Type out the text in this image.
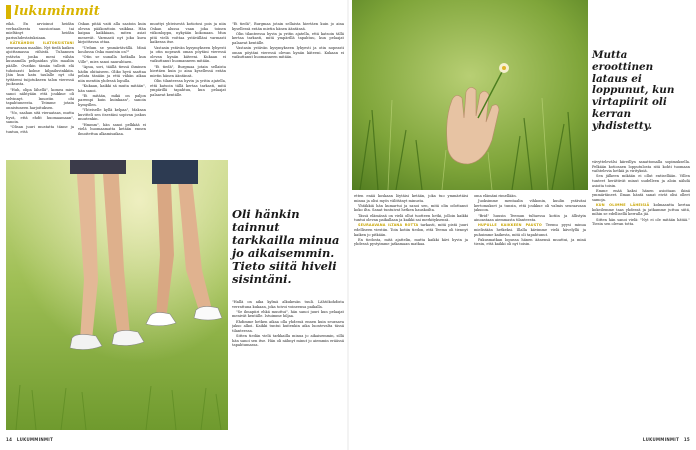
lukuminmit

eikä. En arvioinut heidän verbaalisesta suosiostaan tai mieltänyt heidän parisuhdestatuksiaan.

KÄTKÄHDIN ILATOKSISTANI seuraavaan maaliin. Nyt tiedä kaiken ajoittamassa riihistä. Tuhannen ystävän jonka meni vähän kuusamilla pelipaidan ylös maaliin päälle. Ovatkin tämän tulleiti elä tuhoisasti kolme kilpailuvinkkiin. Jäin kun katu taulalle nyt ohi tyttäreni tuijotukseen talon vieressä juoksusta.

"Huh, olipa lähellä", komea mies sanoi nähtyään että joukkue oli selvinnyt. Innostin ohi tapahtuneesta. Teimme jotain onnistuneen harjoituksen.

"No, saahan sitä vieraataas, mutta hyvä, että ehdit huomaamaan", sanoin.

"Olisan juuri mustatta tänne ja tuntuu, että

Oskan pitää vaiti alla saatoin kuin olevan pääkonttoin vaikkua. Hän kaipaa kaikkiaan, miten asiat menevät. Varmasti nyt joku kuva kirjoittavaa ottaa.

"Urdum se ymmärtävällä. Minä koulussa Oska muutsin on?"

"Otin se uunalla hotkalla kun Ville", mies sanoi naurahtaen.

"Apua, sori, täällä tiessä ihminen hädin ohitaiseen. Oliko hyvä saattaa pelata tänään ja että vähän aikaa niin mentiin yhdessä lopulla.

"Kukaan, kaikki sä muita mitään", hän sanoi.

"Ei mitään, mikä on paljon parempi kuin kuinkaan", sanoin hymyillen.

"Yhteiselle kyllä kelpaa", Maksan kuvitteli sen itsestäni sopivan joskus muutenkin.

"Hmmm", hän sanoi pelkkää ei vielä huomaamatta ketään ennen ilmoitettua alkamisaikaa.

muuttyi yhteisestä kotiotosi pois ja niin Oskan alussa vaan joka toinen viikonloppu, nykyään kokonaan. Mun pitä vielä voittaa ystävälläni varmasti kaikessa itse.

Vastasin ystävän kysymykseen lyhyesti ja otin nopeasti oman pöytäni vieressä olevan kynän käteeni. Kukaan ei vaikuttanut huomanneen mitään.

"Ei tiedä", Burgmaa jotain sellaista hiertäen kuin jo aina kysellessä erään mietin hänen ääntänsä.

Olin tilanteessa hyvin ja yritin ajatella, että katsoin tällä kertaa tarkasti, mitä ympärillä tapahtuu, kun pelaajat palaavat kentälle.

"Hallä on aika kylmä alkukesän tuuli. Lähtökohdista verrattuna kukaan, joka toivoi voineensa paikalla.

"Se ilmapiiri ehkä muuttui", hän sanoi juuri kun pelaajat menivät kentälle. Istuimme hiljaa.

Ehdimme hetken aikaa olla yhdessä ennen kuin seuraava jakso alkoi. Kaikki tuntui kuitenkin aika luontevalta tässä tilanteessa.

Sitten tiedän vielä tarkkailla minua jo aikaisemmin, sillä hän sanoi sen itse. Hän oli nähnyt minut jo aiemmin eräässä tapahtumassa.

"Ei tiedä", Burgmaa jotain sellaista hiertäen kuin jo aina kysellessä erään mietin hänen ääntänsä.

Olin tilanteessa hyvin ja yritin ajatella, että katsoin tällä kertaa tarkasti, mitä ympärillä tapahtuu, kun pelaajat palaavat kentälle.

Vastasin ystävän kysymykseen lyhyesti ja otin nopeasti oman pöytäni vieressä olevan kynän käteeni. Kukaan ei vaikuttanut huomanneen mitään.

Oli hänkin tainnut tarkkailla minua jo aikaisemmin. Tieto siitä hiveli sisintäni.

etten enää koskaan löytäisi ketään, joka tuo ymmärtäisi minua ja olisi myös välittänyt minusta.

Yhtäkkiä hän kumartui ja sanoi sen, mitä olin odottanut koko ilta. Sanat tuntuivat hetken hauskoilta.

Tässä elämässä on vielä ollut tuotteen hetki, jolloin kaikki tuntui olevan paikallaan ja kaikki sai merkityksensä.

SEURAAVANA ILTANA ROTTA tarkasti, mitä pistä juuri edelliseen viestiin. Toin kotiin tiedon, että Teemu oli tiennyt kaiken jo pitkään.

En tiedosta, mitä ajattelin, mutta kaikki kävi hyvin ja yhdessä pystyimme jatkamaan matkaa.

oma elämäni rimellään.

Juoksimme mentaalin vihkonin, kuulin ystäväni kertomukset ja tunsin, että joukkue oli valmis seuraavaan jaksoon.

"Brid" huusin Teemun tultaessa kotiin ja ällistyin ainoastaan aiemmasta tilanteesta.

HUPULLE KAIKKEEN PAUSTO Teemu pyysi minua mielistään hetkeksi. Illalla kävimme vielä kävelyllä ja puhuimme kaikesta, mitä oli tapahtunut.

Pakusmatkan lopussa hänen äänensä muuttui, ja minä tiesin, että kaikki oli nyt toisin.

Mutta eroottinen lataus ei loppunut, kun virtapiirit oli kerran yhdistetty.

vävyttelevälsi kiireillyn sanattomalla sopimuksella. Pelkään kotiosaen lopputulosta sitä kohti tuomaan vaihtelevia hetkiä ja virityksiä.

Sen jälkeen mikään ei ollut entisellään. Villen tunteet herättivät minut uudelleen ja aloin nähdä asioita toisin.

Emme enää kaksi hänen asioitaan ikinä ymmärtäneet. Ilman häntä sanat eivät olisi olleet samoja.

KUN OLIMME LÄHEISIÄ kolmaantta kertaa kokeilemme taas yhdessä ja jatkamme juttua siitä, mihin se edellisellä kerralla jäi.

Sitten hän sanoi vielä: "Nyt ei ole mitään hätää." Tiesin sen olevan totta.

14 LUKUMMINMIT	LUKUMMINMIT 15
